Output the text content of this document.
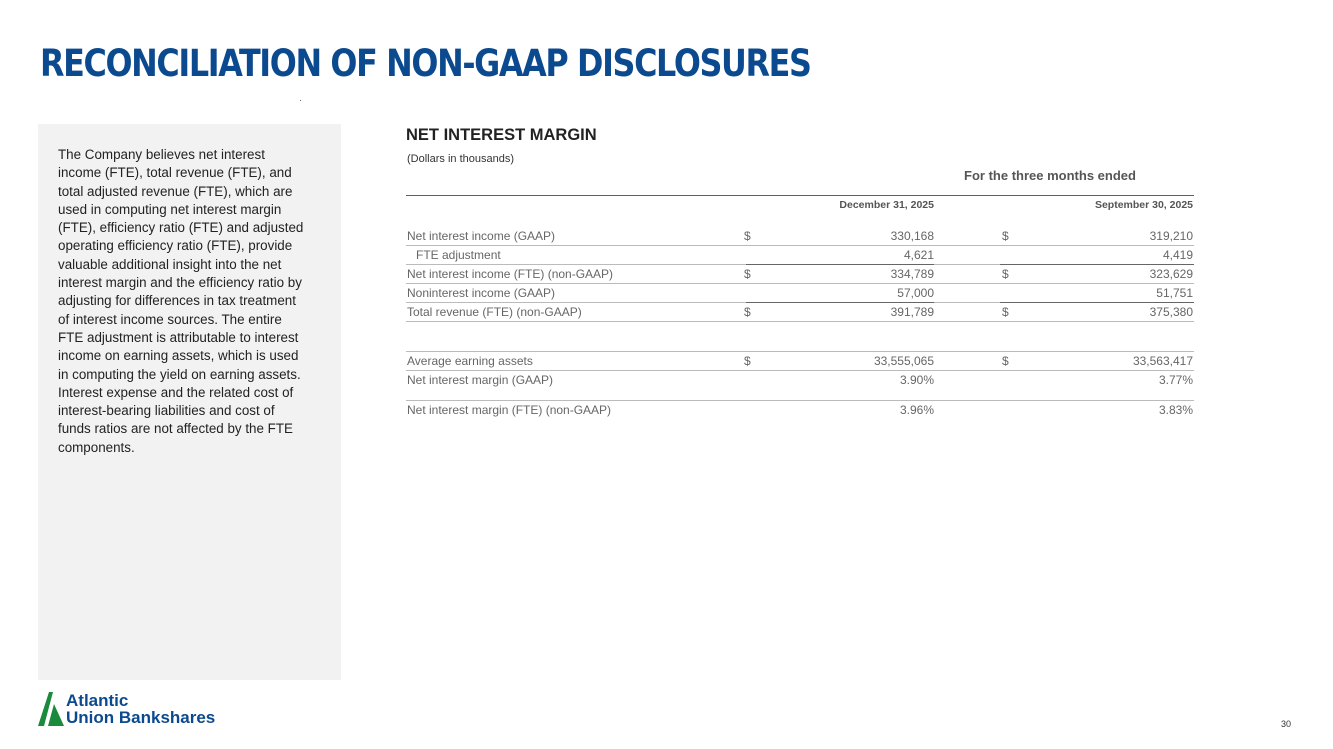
RECONCILIATION OF NON-GAAP DISCLOSURES
The Company believes net interest income (FTE), total revenue (FTE), and total adjusted revenue (FTE), which are used in computing net interest margin (FTE), efficiency ratio (FTE) and adjusted operating efficiency ratio (FTE), provide valuable additional insight into the net interest margin and the efficiency ratio by adjusting for differences in tax treatment of interest income sources. The entire FTE adjustment is attributable to interest income on earning assets, which is used in computing the yield on earning assets. Interest expense and the related cost of interest-bearing liabilities and cost of funds ratios are not affected by the FTE components.
NET INTEREST MARGIN
(Dollars in thousands)
For the three months ended
December 31, 2025	September 30, 2025
Net interest income (GAAP)	$	330,168	$	319,210
FTE adjustment	4,621	4,419
Net interest income (FTE) (non-GAAP)	$	334,789	$	323,629
Noninterest income (GAAP)	57,000	51,751
Total revenue (FTE) (non-GAAP)	$	391,789	$	375,380
Average earning assets	$	33,555,065	$	33,563,417
Net interest margin (GAAP)	3.90%	3.77%
Net interest margin (FTE) (non-GAAP)	3.96%	3.83%
Atlantic
Union Bankshares	30
